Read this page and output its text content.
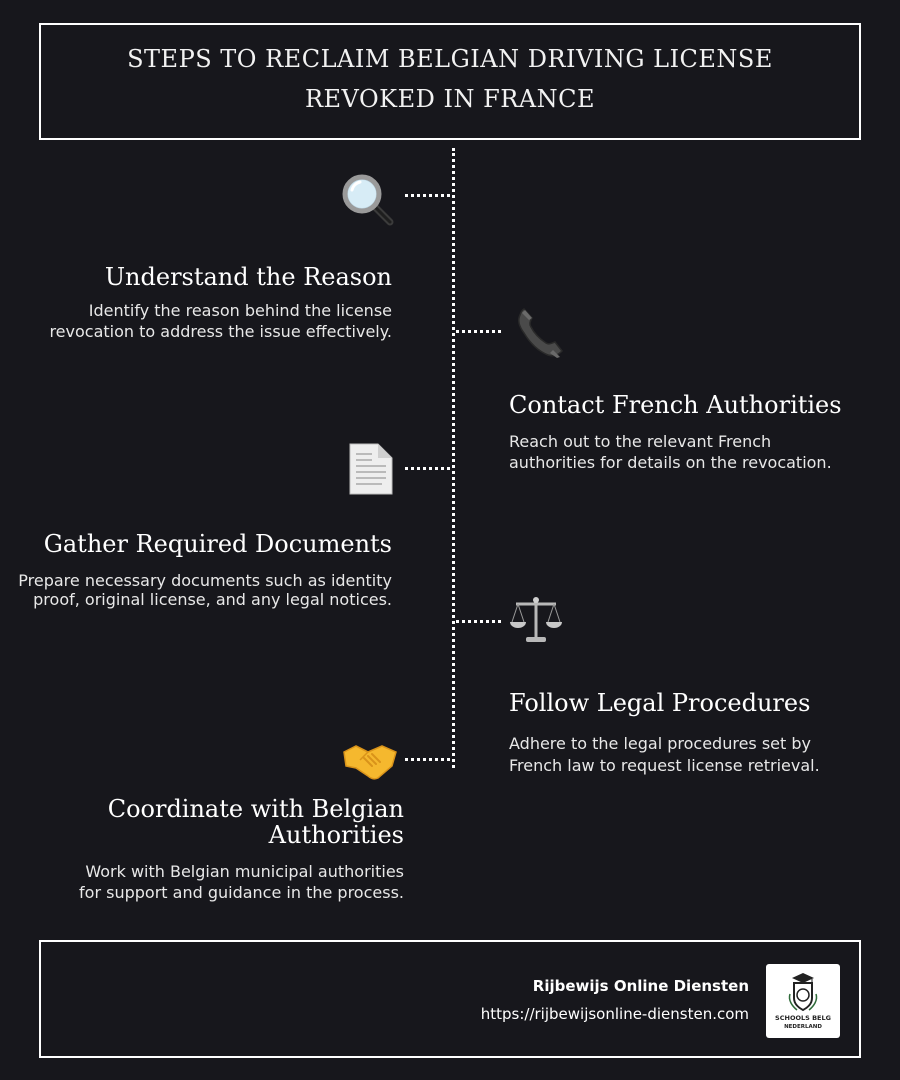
STEPS TO RECLAIM BELGIAN DRIVING LICENSE
REVOKED IN FRANCE
Understand the Reason

Identify the reason behind the license

revocation to address the issue effectively.

Contact French Authorities

Reach out to the relevant French

authorities for details on the revocation.

Gather Required Documents

Prepare necessary documents such as identity

proof, original license, and any legal notices.

Follow Legal Procedures

Adhere to the legal procedures set by

French law to request license retrieval.

Coordinate with Belgian
Authorities

Work with Belgian municipal authorities

for support and guidance in the process.

Rijbewijs Online Diensten
https://rijbewijsonline-diensten.com	SCHOOLS BELG
NEDERLAND
